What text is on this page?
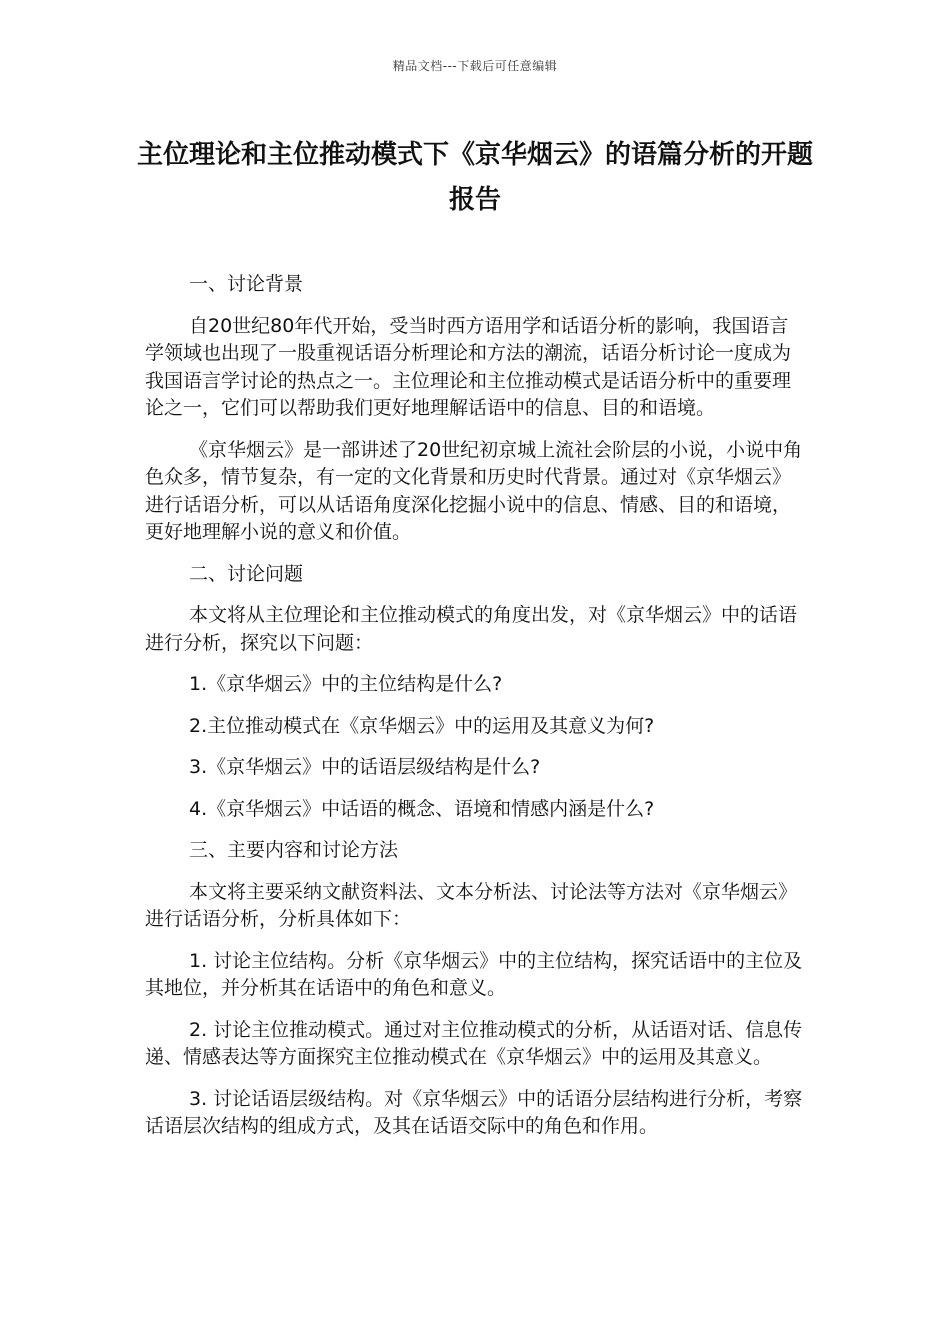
精品文档---下载后可任意编辑
主位理论和主位推动模式下《京华烟云》的语篇分析的开题报告

一、讨论背景

自20世纪80年代开始，受当时西方语用学和话语分析的影响，我国语言学领域也出现了一股重视话语分析理论和方法的潮流，话语分析讨论一度成为我国语言学讨论的热点之一。主位理论和主位推动模式是话语分析中的重要理论之一，它们可以帮助我们更好地理解话语中的信息、目的和语境。

《京华烟云》是一部讲述了20世纪初京城上流社会阶层的小说，小说中角色众多，情节复杂，有一定的文化背景和历史时代背景。通过对《京华烟云》进行话语分析，可以从话语角度深化挖掘小说中的信息、情感、目的和语境，更好地理解小说的意义和价值。

二、讨论问题

本文将从主位理论和主位推动模式的角度出发，对《京华烟云》中的话语进行分析，探究以下问题：

1.《京华烟云》中的主位结构是什么?

2.主位推动模式在《京华烟云》中的运用及其意义为何?

3.《京华烟云》中的话语层级结构是什么?

4.《京华烟云》中话语的概念、语境和情感内涵是什么?

三、主要内容和讨论方法

本文将主要采纳文献资料法、文本分析法、讨论法等方法对《京华烟云》进行话语分析，分析具体如下：

1. 讨论主位结构。分析《京华烟云》中的主位结构，探究话语中的主位及其地位，并分析其在话语中的角色和意义。

2. 讨论主位推动模式。通过对主位推动模式的分析，从话语对话、信息传递、情感表达等方面探究主位推动模式在《京华烟云》中的运用及其意义。

3. 讨论话语层级结构。对《京华烟云》中的话语分层结构进行分析，考察话语层次结构的组成方式，及其在话语交际中的角色和作用。
